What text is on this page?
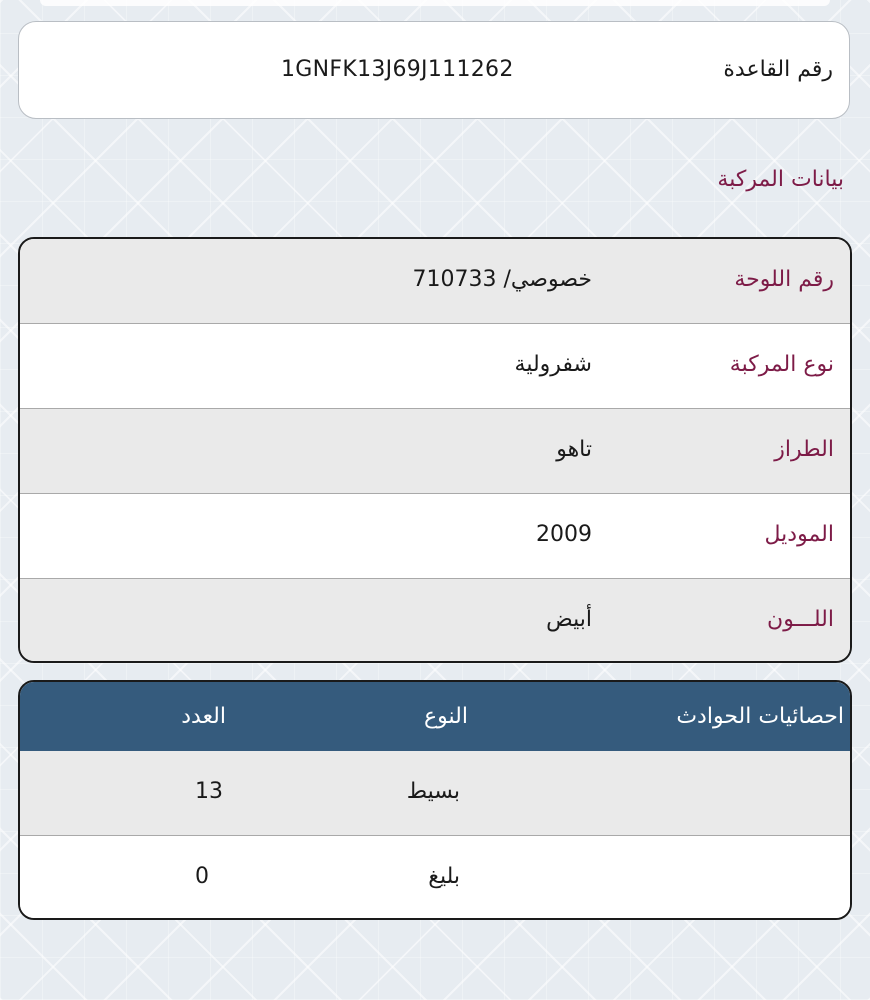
رقم القاعدة
1GNFK13J69J111262
بيانات المركبة
رقم اللوحة
خصوصي/ 710733
نوع المركبة
شفرولية
الطراز
تاهو
الموديل
2009
اللـــون
أبيض
احصائيات الحوادث
النوع
العدد
بسيط
13
بليغ
0
